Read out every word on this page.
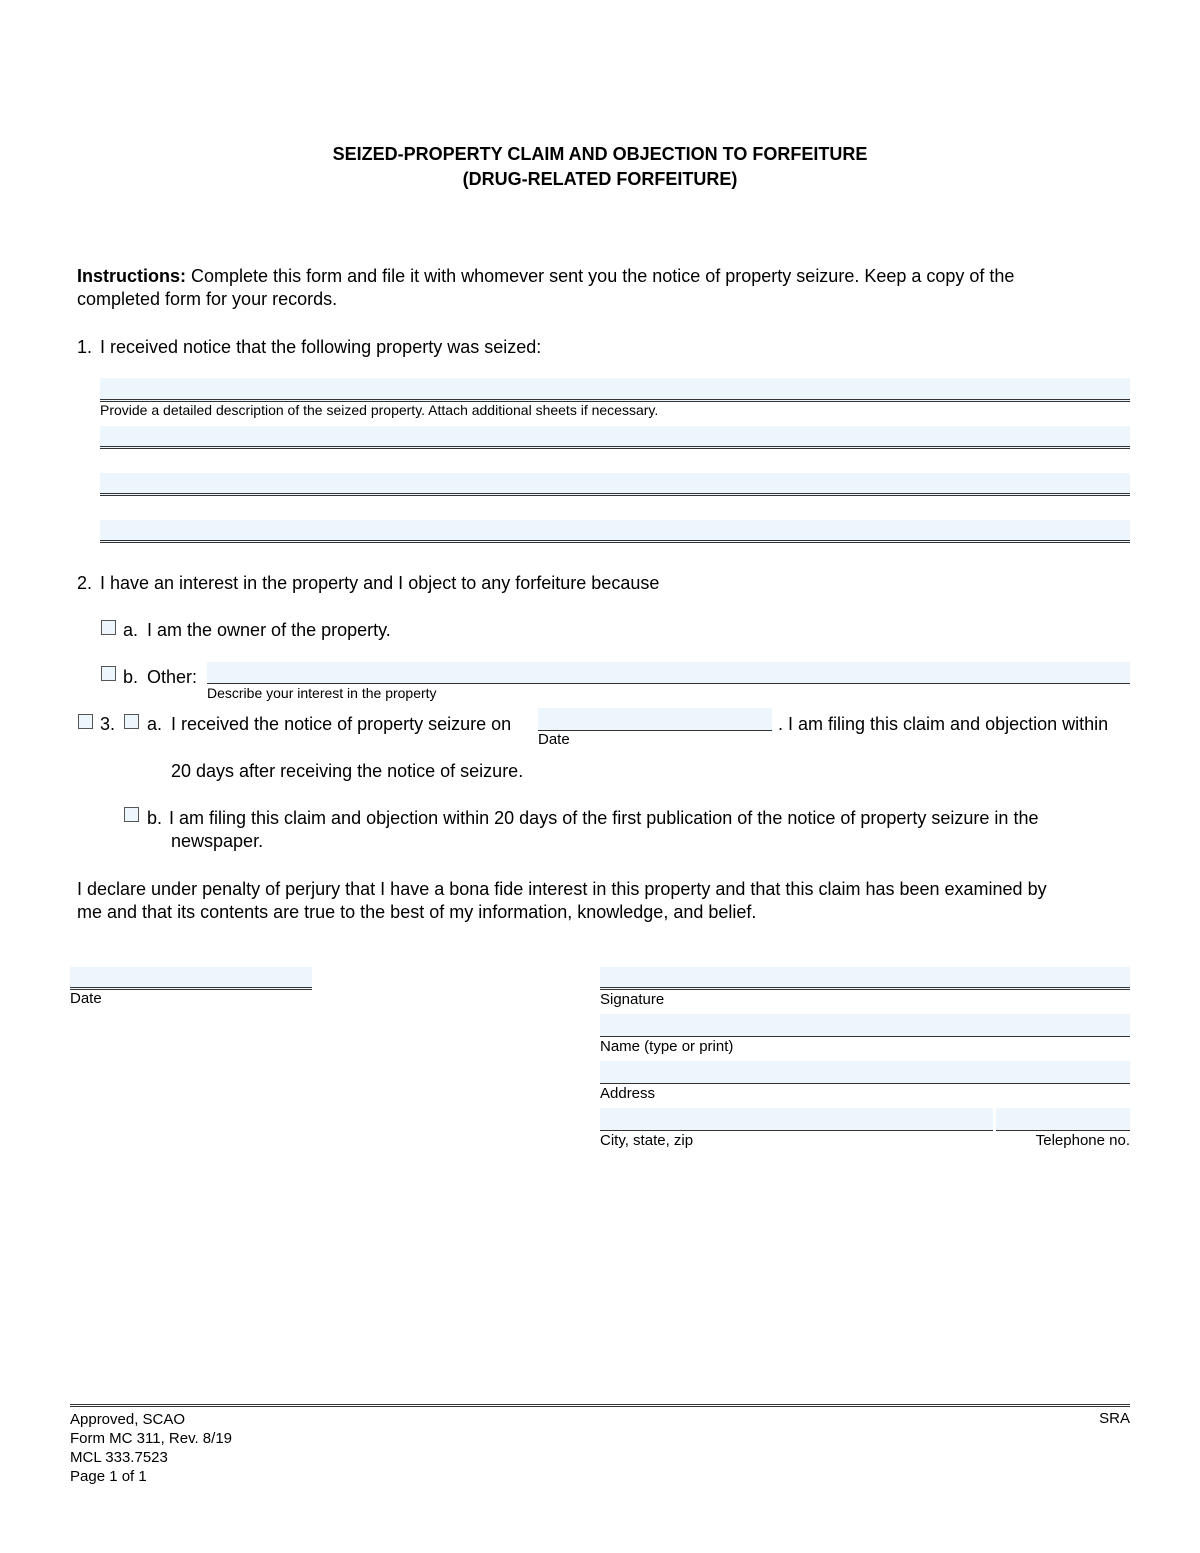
SEIZED-PROPERTY CLAIM AND OBJECTION TO FORFEITURE
(DRUG-RELATED FORFEITURE)
Instructions: Complete this form and file it with whomever sent you the notice of property seizure. Keep a copy of the
completed form for your records.
1. I received notice that the following property was seized:
Provide a detailed description of the seized property. Attach additional sheets if necessary.
2. I have an interest in the property and I object to any forfeiture because
a. I am the owner of the property.
b. Other:
Describe your interest in the property
3. a. I received the notice of property seizure on
Date
. I am filing this claim and objection within
20 days after receiving the notice of seizure.
b. I am filing this claim and objection within 20 days of the first publication of the notice of property seizure in the
newspaper.
I declare under penalty of perjury that I have a bona fide interest in this property and that this claim has been examined by
me and that its contents are true to the best of my information, knowledge, and belief.
Date	Signature
Name (type or print)
Address
City, state, zip	Telephone no.
Approved, SCAO
Form MC 311, Rev. 8/19
MCL 333.7523
Page 1 of 1
SRA
